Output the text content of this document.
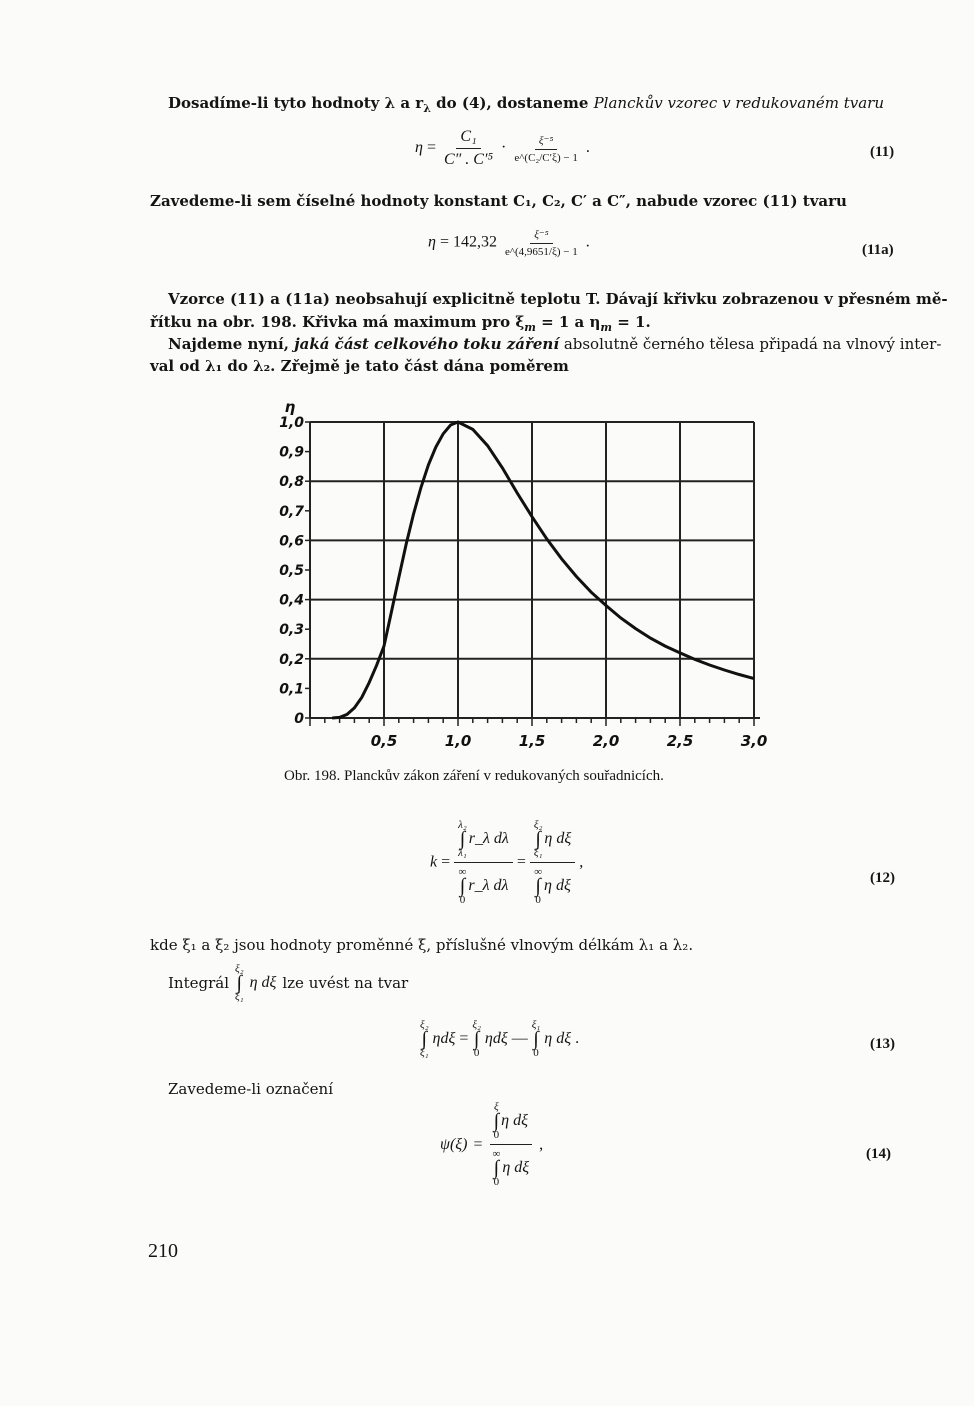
Dosadíme-li tyto hodnoty λ a $r_\lambda$ do (4), dostaneme Planckův vzorec v redukovaném tvaru
$\eta = \frac{\text{C₁}}{\text{C″ . C′⁵}} \cdot \frac{\text{ξ⁻⁵}}{\text{e\textasciicircum{}(C₂/C′ξ) − 1}}$ .	(11)
Zavedeme-li sem číselné hodnoty konstant C₁, C₂, C′ a C″, nabude vzorec (11) tvaru
$\eta = 142,32 \frac{\text{ξ⁻⁵}}{e\^{}(4,9651/\xi) - 1}$ .	(11a)
Vzorce (11) a (11a) neobsahují explicitně teplotu T. Dávají křivku zobrazenou v přesném mě-
řítku na obr. 198. Křivka má maximum pro $\xi_m = 1$ a $\eta_m = 1$.
Najdeme nyní, jaká část celkového toku záření absolutně černého tělesa připadá na vlnový inter-
val od λ₁ do λ₂. Zřejmě je tato část dána poměrem
0,5	1,0	1,5	2,0	2,5	3,0
0
0,1
0,2
0,3
0,4
0,5
0,6
0,7
0,8
0,9
1,0
η
Obr. 198. Planckův zákon záření v redukovaných souřadnicích.
k = λ₂
∫
λ₁
r_λ dλ
∞
∫
0
r_λ dλ = ξ₂
∫
ξ₁
η dξ
∞
∫
0
η dξ ,
(12)
kde ξ₁ a ξ₂ jsou hodnoty proměnné ξ, příslušné vlnovým délkám λ₁ a λ₂.
Integrál
ξ₂
∫
ξ₁
η dξ lze uvést na tvar
ξ₂
∫
ξ₁
ηdξ =
ξ₂
∫
0
ηdξ —
ξ₁
∫
0
η dξ .	(13)
Zavedeme-li označení
ψ(ξ) = ξ
∫
0
η dξ
∞
∫
0
η dξ ,
(14)
210
